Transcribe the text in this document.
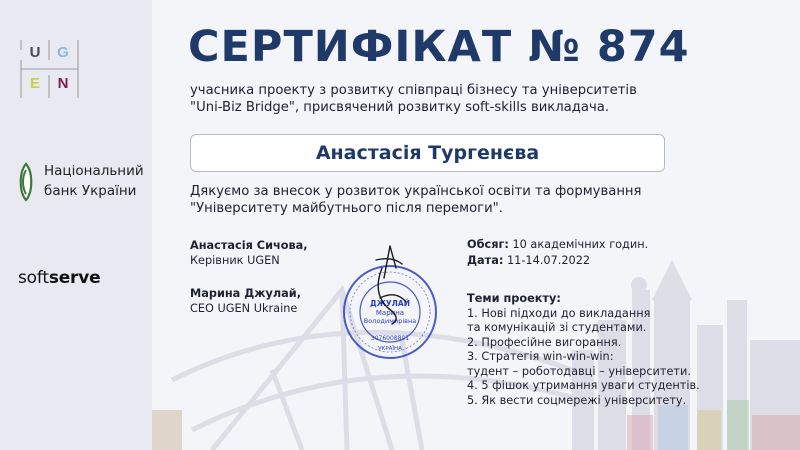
U G
E N
Національний
банк України
softserve
СЕРТИФІКАТ № 874
учасника проекту з розвитку співпраці бізнесу та університетів
"Uni-Biz Bridge", присвячений розвитку soft-skills викладача.
Анастасія Тургенєва
Дякуємо за внесок у розвиток української освіти та формування
"Університету майбутнього після перемоги".
Анастасія Сичова,
Керівник UGEN
Марина Джулай,
CEO UGEN Ukraine	ДЖУЛАЙ
Марина
Володимирівна
3076008801
УКРАЇНА
Обсяг: 10 академічних годин.
Дата: 11-14.07.2022
Теми проекту:
1. Нові підходи до викладання
та комунікацій зі студентами.
2. Професійне вигорання.
3. Стратегія win-win-win:
тудент – роботодавці – університети.
4. 5 фішок утримання уваги студентів.
5. Як вести соцмережі університету.
